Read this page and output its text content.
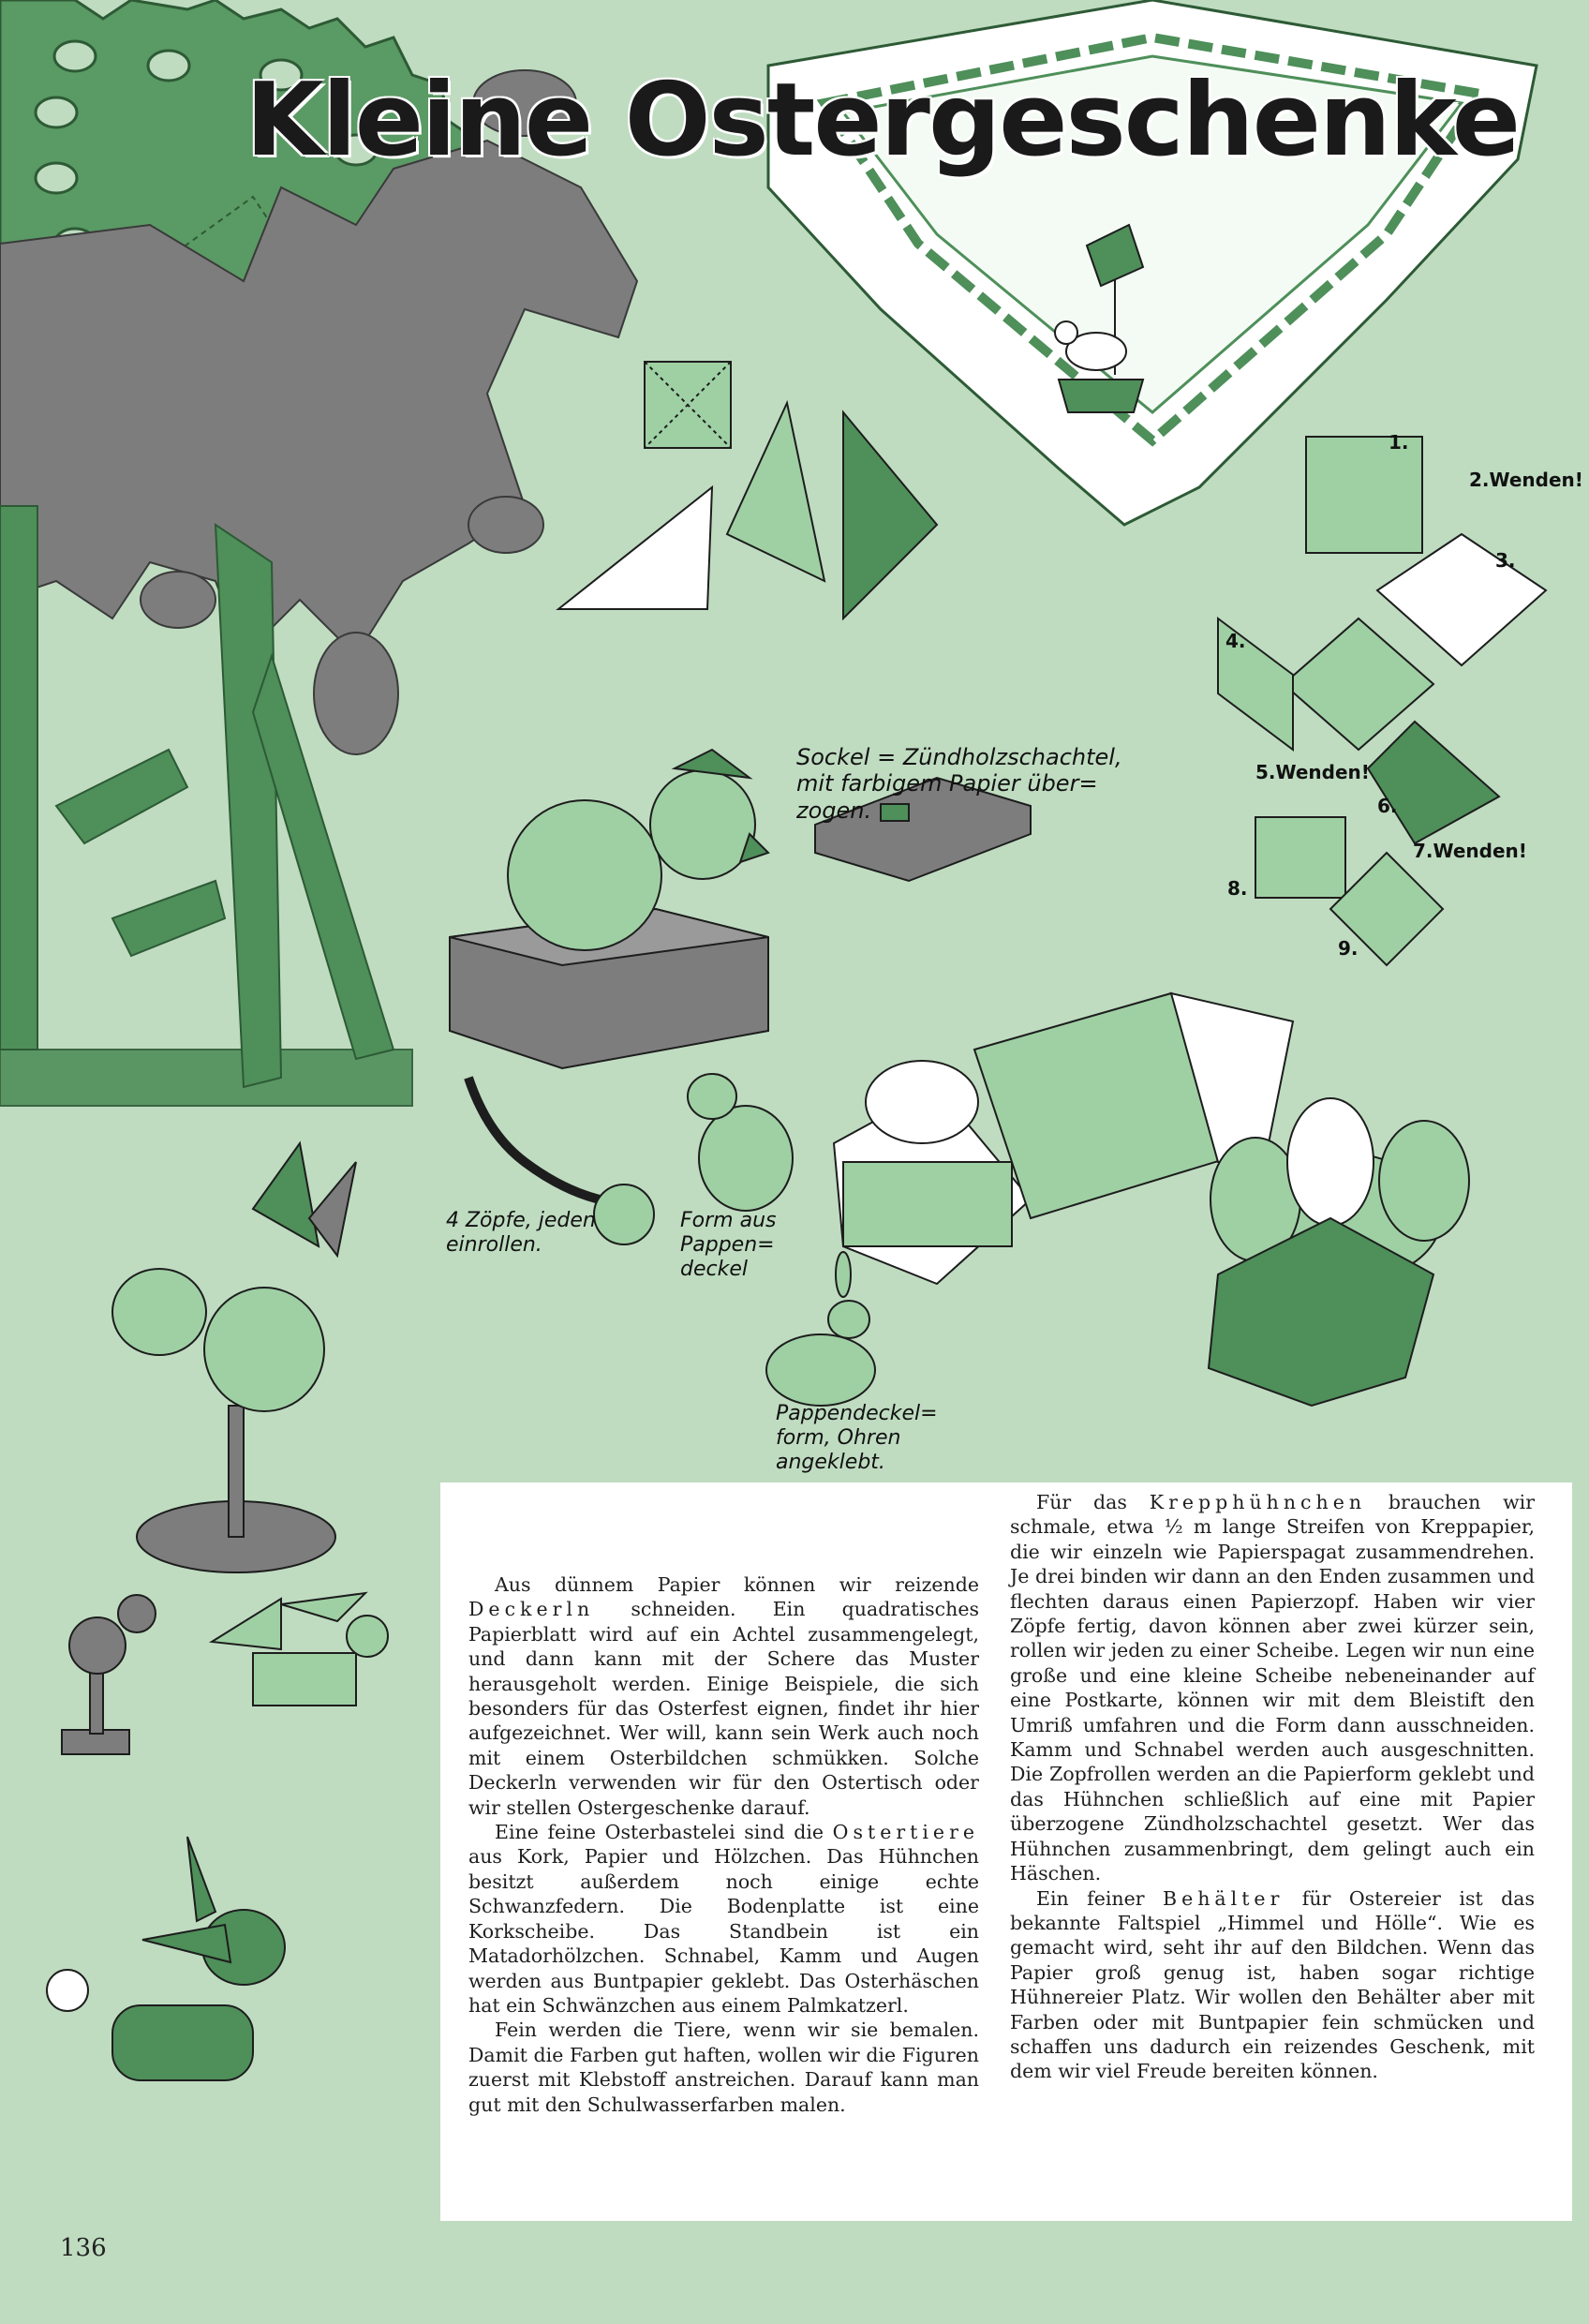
Kleine Ostergeschenke
1.
2.Wenden!
3.
4.
5.Wenden!
6.
7.Wenden!
8.
9.
Sockel = Zündholzschachtel, mit farbigem Papier über= zogen.
4 Zöpfe, jeden einrollen.
Form aus Pappen= deckel
Pappendeckel= form, Ohren angeklebt.

Aus dünnem Papier können wir reizende Deckerln schneiden. Ein quadratisches Papierblatt wird auf ein Achtel zusammengelegt, und dann kann mit der Schere das Muster herausgeholt werden. Einige Beispiele, die sich besonders für das Osterfest eignen, findet ihr hier aufgezeichnet. Wer will, kann sein Werk auch noch mit einem Osterbildchen schmükken. Solche Deckerln verwenden wir für den Ostertisch oder wir stellen Ostergeschenke darauf.

Eine feine Osterbastelei sind die Ostertiere aus Kork, Papier und Hölzchen. Das Hühnchen besitzt außerdem noch einige echte Schwanzfedern. Die Bodenplatte ist eine Korkscheibe. Das Standbein ist ein Matadorhölzchen. Schnabel, Kamm und Augen werden aus Buntpapier geklebt. Das Osterhäschen hat ein Schwänzchen aus einem Palmkatzerl.

Fein werden die Tiere, wenn wir sie bemalen. Damit die Farben gut haften, wollen wir die Figuren zuerst mit Klebstoff anstreichen. Darauf kann man gut mit den Schulwasserfarben malen.

Für das Krepphühnchen brauchen wir schmale, etwa ½ m lange Streifen von Kreppapier, die wir einzeln wie Papierspagat zusammendrehen. Je drei binden wir dann an den Enden zusammen und flechten daraus einen Papierzopf. Haben wir vier Zöpfe fertig, davon können aber zwei kürzer sein, rollen wir jeden zu einer Scheibe. Legen wir nun eine große und eine kleine Scheibe nebeneinander auf eine Postkarte, können wir mit dem Bleistift den Umriß umfahren und die Form dann ausschneiden. Kamm und Schnabel werden auch ausgeschnitten. Die Zopfrollen werden an die Papierform geklebt und das Hühnchen schließlich auf eine mit Papier überzogene Zündholzschachtel gesetzt. Wer das Hühnchen zusammenbringt, dem gelingt auch ein Häschen.

Ein feiner Behälter für Ostereier ist das bekannte Faltspiel „Himmel und Hölle“. Wie es gemacht wird, seht ihr auf den Bildchen. Wenn das Papier groß genug ist, haben sogar richtige Hühnereier Platz. Wir wollen den Behälter aber mit Farben oder mit Buntpapier fein schmücken und schaffen uns dadurch ein reizendes Geschenk, mit dem wir viel Freude bereiten können.

136
